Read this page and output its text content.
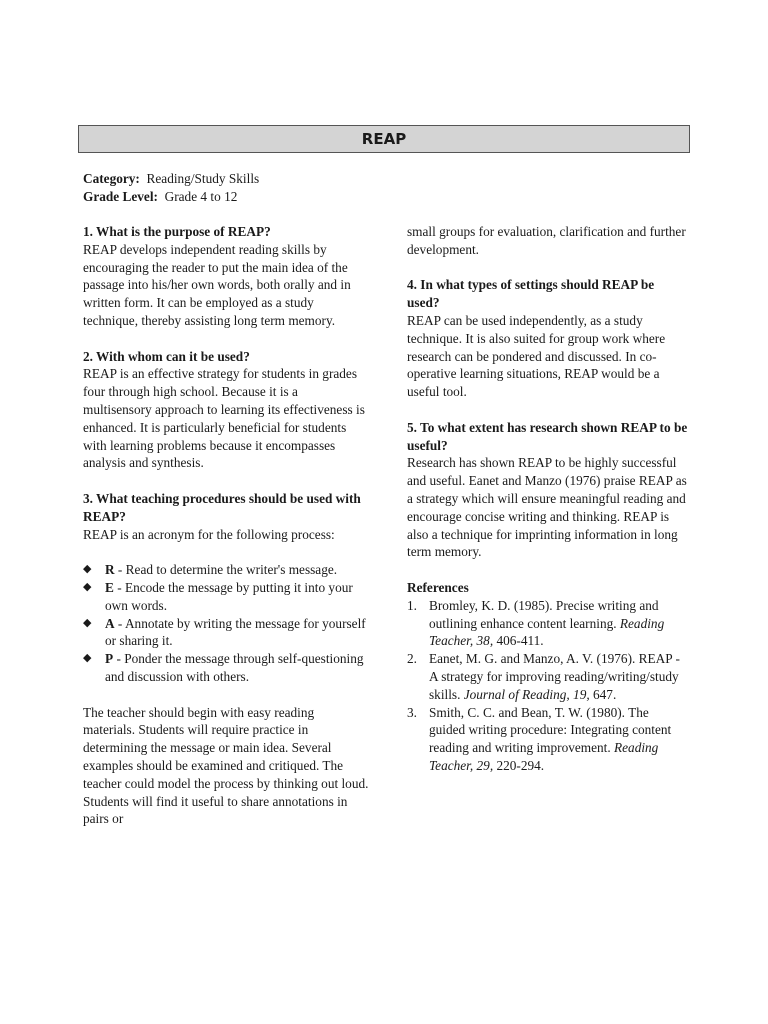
REAP
Category: Reading/Study Skills
Grade Level: Grade 4 to 12
1. What is the purpose of REAP?

REAP develops independent reading skills by encouraging the reader to put the main idea of the passage into his/her own words, both orally and in written form. It can be employed as a study technique, thereby assisting long term memory.

2. With whom can it be used?

REAP is an effective strategy for students in grades four through high school. Because it is a multisensory approach to learning its effectiveness is enhanced. It is particularly beneficial for students with learning problems because it encompasses analysis and synthesis.

3. What teaching procedures should be used with REAP?

REAP is an acronym for the following process:

◆ R - Read to determine the writer's message.
◆ E - Encode the message by putting it into your own words.
◆ A - Annotate by writing the message for yourself or sharing it.
◆ P - Ponder the message through self-questioning and discussion with others.

The teacher should begin with easy reading materials. Students will require practice in determining the message or main idea. Several examples should be examined and critiqued. The teacher could model the process by thinking out loud. Students will find it useful to share annotations in pairs or

small groups for evaluation, clarification and further development.

4. In what types of settings should REAP be used?

REAP can be used independently, as a study technique. It is also suited for group work where research can be pondered and discussed. In co-operative learning situations, REAP would be a useful tool.

5. To what extent has research shown REAP to be useful?

Research has shown REAP to be highly successful and useful. Eanet and Manzo (1976) praise REAP as a strategy which will ensure meaningful reading and encourage concise writing and thinking. REAP is also a technique for imprinting information in long term memory.

References
1. Bromley, K. D. (1985). Precise writing and outlining enhance content learning. Reading Teacher, 38, 406-411.
2. Eanet, M. G. and Manzo, A. V. (1976). REAP - A strategy for improving reading/writing/study skills. Journal of Reading, 19, 647.
3. Smith, C. C. and Bean, T. W. (1980). The guided writing procedure: Integrating content reading and writing improvement. Reading Teacher, 29, 220-294.
